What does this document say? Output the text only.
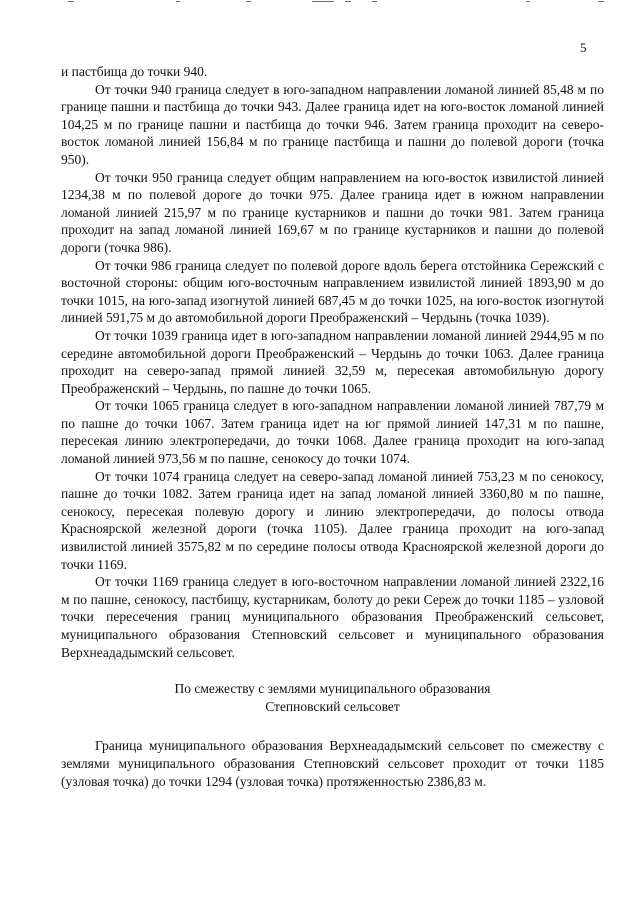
5

и пастбища до точки 940.

От точки 940 граница следует в юго-западном направлении ломаной линией 85,48 м по границе пашни и пастбища до точки 943. Далее граница идет на юго-восток ломаной линией 104,25 м по границе пашни и пастбища до точки 946. Затем граница проходит на северо-восток ломаной линией 156,84 м по границе пастбища и пашни до полевой дороги (точка 950).

От точки 950 граница следует общим направлением на юго-восток извилистой линией 1234,38 м по полевой дороге до точки 975. Далее граница идет в южном направлении ломаной линией 215,97 м по границе кустарников и пашни до точки 981. Затем граница проходит на запад ломаной линией 169,67 м по границе кустарников и пашни до полевой дороги (точка 986).

От точки 986 граница следует по полевой дороге вдоль берега отстойника Сережский с восточной стороны: общим юго-восточным направлением извилистой линией 1893,90 м до точки 1015, на юго-запад изогнутой линией 687,45 м до точки 1025, на юго-восток изогнутой линией 591,75 м до автомобильной дороги Преображенский – Чердынь (точка 1039).

От точки 1039 граница идет в юго-западном направлении ломаной линией 2944,95 м по середине автомобильной дороги Преображенский – Чердынь до точки 1063. Далее граница проходит на северо-запад прямой линией 32,59 м, пересекая автомобильную дорогу Преображенский – Чердынь, по пашне до точки 1065.

От точки 1065 граница следует в юго-западном направлении ломаной линией 787,79 м по пашне до точки 1067. Затем граница идет на юг прямой линией 147,31 м по пашне, пересекая линию электропередачи, до точки 1068. Далее граница проходит на юго-запад ломаной линией 973,56 м по пашне, сенокосу до точки 1074.

От точки 1074 граница следует на северо-запад ломаной линией 753,23 м по сенокосу, пашне до точки 1082. Затем граница идет на запад ломаной линией 3360,80 м по пашне, сенокосу, пересекая полевую дорогу и линию электропередачи, до полосы отвода Красноярской железной дороги (точка 1105). Далее граница проходит на юго-запад извилистой линией 3575,82 м по середине полосы отвода Красноярской железной дороги до точки 1169.

От точки 1169 граница следует в юго-восточном направлении ломаной линией 2322,16 м по пашне, сенокосу, пастбищу, кустарникам, болоту до реки Сереж до точки 1185 – узловой точки пересечения границ муниципального образования Преображенский сельсовет, муниципального образования Степновский сельсовет и муниципального образования Верхнеададымский сельсовет.

По смежеству с землями муниципального образования
Степновский сельсовет

Граница муниципального образования Верхнеададымский сельсовет по смежеству с землями муниципального образования Степновский сельсовет проходит от точки 1185 (узловая точка) до точки 1294 (узловая точка) протяженностью 2386,83 м.
